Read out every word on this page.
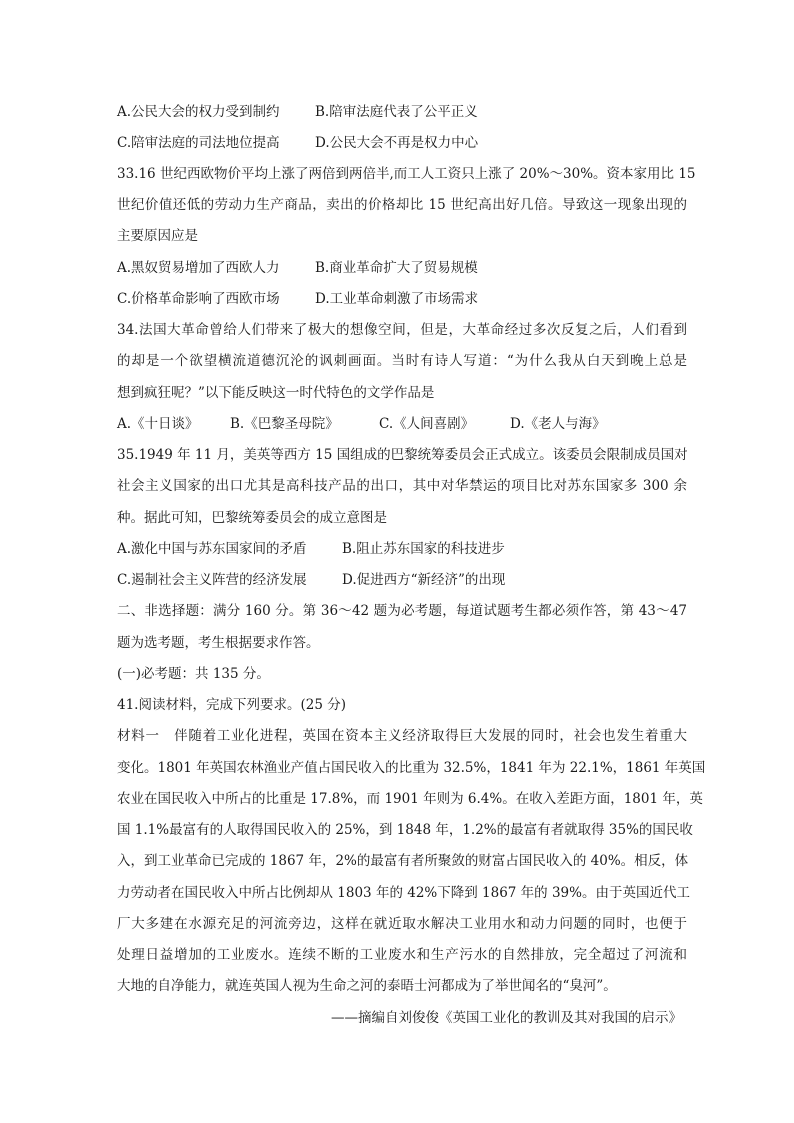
A.公民大会的权力受到制约	B.陪审法庭代表了公平正义
C.陪审法庭的司法地位提高	D.公民大会不再是权力中心
33.16 世纪西欧物价平均上涨了两倍到两倍半,而工人工资只上涨了 20%～30%。资本家用比 15
世纪价值还低的劳动力生产商品，卖出的价格却比 15 世纪高出好几倍。导致这一现象出现的
主要原因应是
A.黑奴贸易增加了西欧人力	B.商业革命扩大了贸易规模
C.价格革命影响了西欧市场	D.工业革命刺激了市场需求
34.法国大革命曾给人们带来了极大的想像空间，但是，大革命经过多次反复之后，人们看到
的却是一个欲望横流道德沉沦的讽刺画面。当时有诗人写道：“为什么我从白天到晚上总是
想到疯狂呢？”以下能反映这一时代特色的文学作品是
A.《十日谈》 B.《巴黎圣母院》	C.《人间喜剧》	D.《老人与海》
35.1949 年 11 月，美英等西方 15 国组成的巴黎统筹委员会正式成立。该委员会限制成员国对
社会主义国家的出口尤其是高科技产品的出口，其中对华禁运的项目比对苏东国家多 300 余
种。据此可知，巴黎统筹委员会的成立意图是
A.激化中国与苏东国家间的矛盾	B.阻止苏东国家的科技进步
C.遏制社会主义阵营的经济发展	D.促进西方“新经济”的出现
二、非选择题：满分 160 分。第 36～42 题为必考题，每道试题考生都必须作答，第 43～47
题为选考题，考生根据要求作答。
(一)必考题：共 135 分。
41.阅读材料，完成下列要求。(25 分)
材料一　伴随着工业化进程，英国在资本主义经济取得巨大发展的同时，社会也发生着重大
变化。1801 年英国农林渔业产值占国民收入的比重为 32.5%，1841 年为 22.1%，1861 年英国
农业在国民收入中所占的比重是 17.8%，而 1901 年则为 6.4%。在收入差距方面，1801 年，英
国 1.1%最富有的人取得国民收入的 25%，到 1848 年，1.2%的最富有者就取得 35%的国民收
入，到工业革命已完成的 1867 年，2%的最富有者所聚敛的财富占国民收入的 40%。相反，体
力劳动者在国民收入中所占比例却从 1803 年的 42%下降到 1867 年的 39%。由于英国近代工
厂大多建在水源充足的河流旁边，这样在就近取水解决工业用水和动力问题的同时，也便于
处理日益增加的工业废水。连续不断的工业废水和生产污水的自然排放，完全超过了河流和
大地的自净能力，就连英国人视为生命之河的泰晤士河都成为了举世闻名的“臭河”。
——摘编自刘俊俊《英国工业化的教训及其对我国的启示》
